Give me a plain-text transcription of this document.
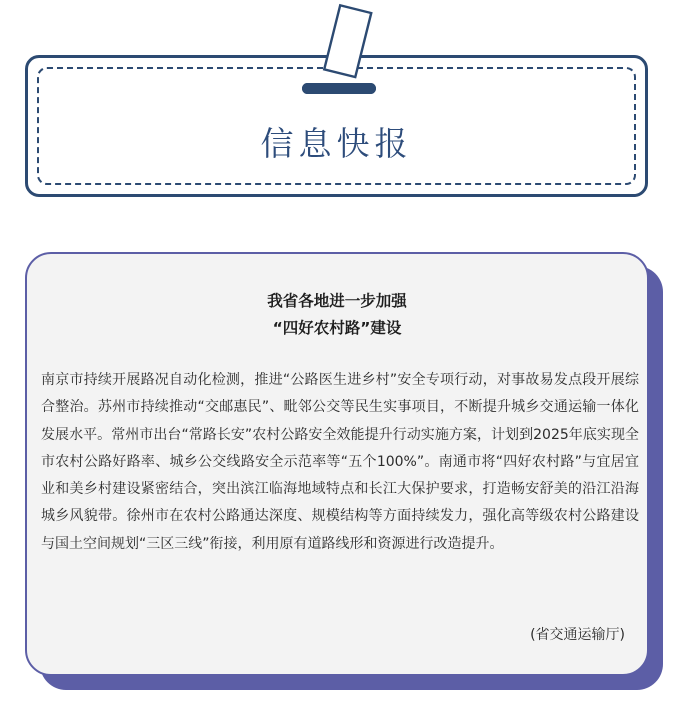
信息快报
我省各地进一步加强
“四好农村路”建设
南京市持续开展路况自动化检测，推进“公路医生进乡村”安全专项行动，对事故易发点段开展综合整治。苏州市持续推动“交邮惠民”、毗邻公交等民生实事项目，不断提升城乡交通运输一体化发展水平。常州市出台“常路长安”农村公路安全效能提升行动实施方案，计划到2025年底实现全市农村公路好路率、城乡公交线路安全示范率等“五个100%”。南通市将“四好农村路”与宜居宜业和美乡村建设紧密结合，突出滨江临海地域特点和长江大保护要求，打造畅安舒美的沿江沿海城乡风貌带。徐州市在农村公路通达深度、规模结构等方面持续发力，强化高等级农村公路建设与国土空间规划“三区三线”衔接，利用原有道路线形和资源进行改造提升。
(省交通运输厅)
